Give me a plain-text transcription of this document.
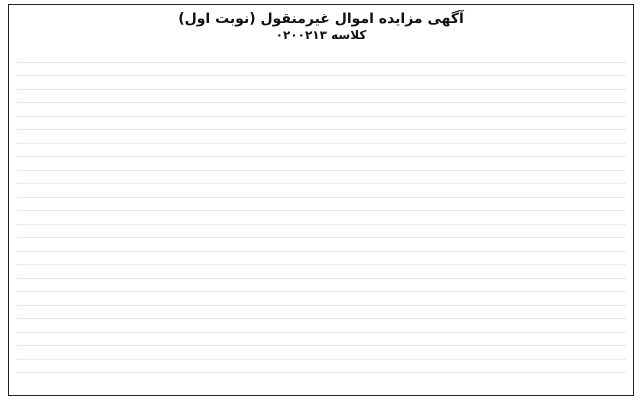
آگهی مزایده اموال غیرمنقول (نوبت اول)
کلاسه ۰۲۰۰۲۱۳
